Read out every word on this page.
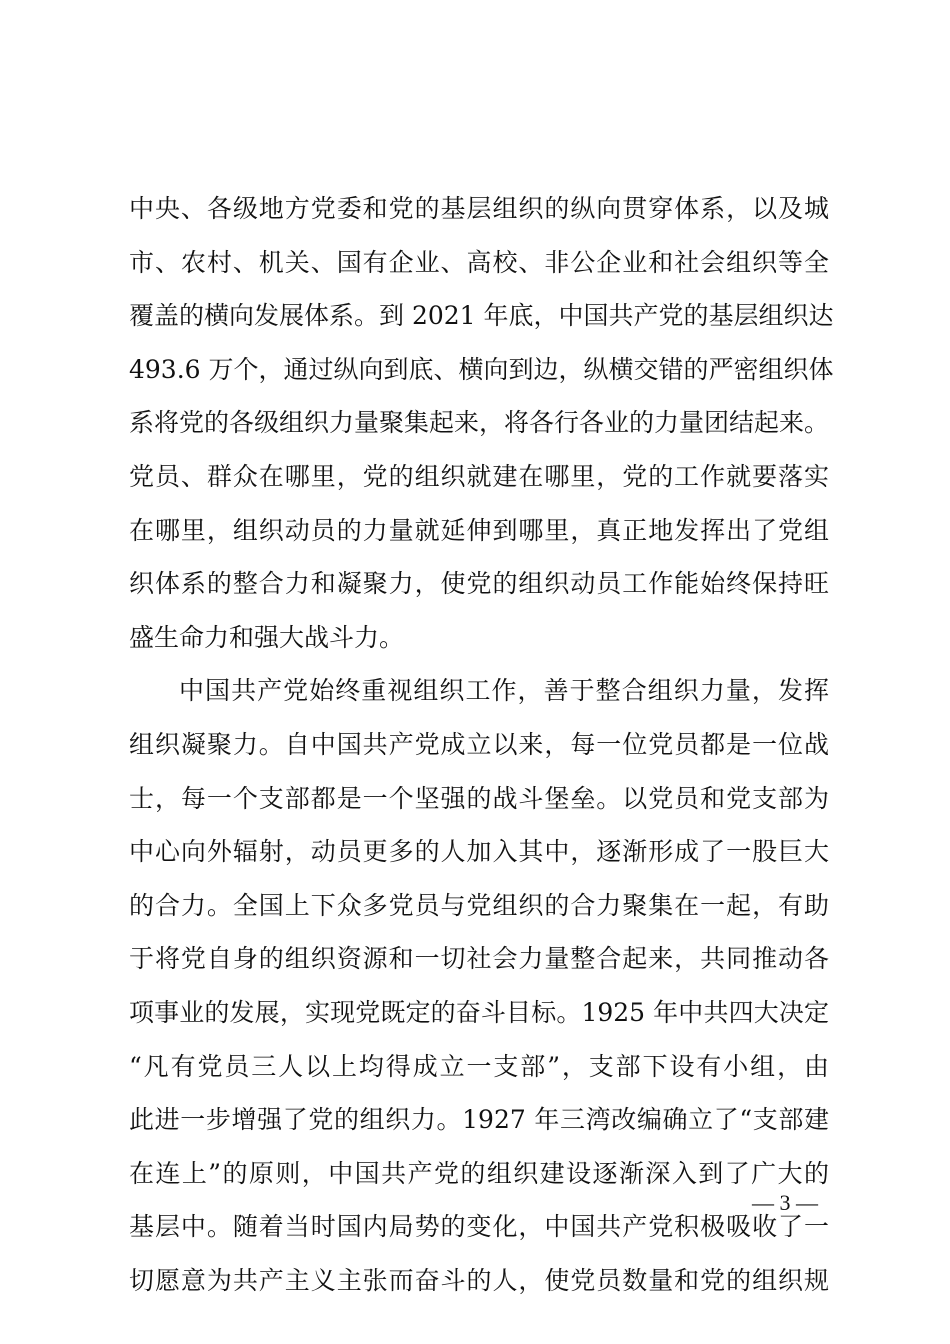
中央、各级地方党委和党的基层组织的纵向贯穿体系，以及城
市、农村、机关、国有企业、高校、非公企业和社会组织等全
覆盖的横向发展体系。到 2021 年底，中国共产党的基层组织达
493.6 万个，通过纵向到底、横向到边，纵横交错的严密组织体
系将党的各级组织力量聚集起来，将各行各业的力量团结起来。
党员、群众在哪里，党的组织就建在哪里，党的工作就要落实
在哪里，组织动员的力量就延伸到哪里，真正地发挥出了党组
织体系的整合力和凝聚力，使党的组织动员工作能始终保持旺
盛生命力和强大战斗力。
中国共产党始终重视组织工作，善于整合组织力量，发挥
组织凝聚力。自中国共产党成立以来，每一位党员都是一位战
士，每一个支部都是一个坚强的战斗堡垒。以党员和党支部为
中心向外辐射，动员更多的人加入其中，逐渐形成了一股巨大
的合力。全国上下众多党员与党组织的合力聚集在一起，有助
于将党自身的组织资源和一切社会力量整合起来，共同推动各
项事业的发展，实现党既定的奋斗目标。1925 年中共四大决定
“凡有党员三人以上均得成立一支部”，支部下设有小组，由
此进一步增强了党的组织力。1927 年三湾改编确立了“支部建
在连上”的原则，中国共产党的组织建设逐渐深入到了广大的
基层中。随着当时国内局势的变化，中国共产党积极吸收了一
切愿意为共产主义主张而奋斗的人，使党员数量和党的组织规
— 3 —
